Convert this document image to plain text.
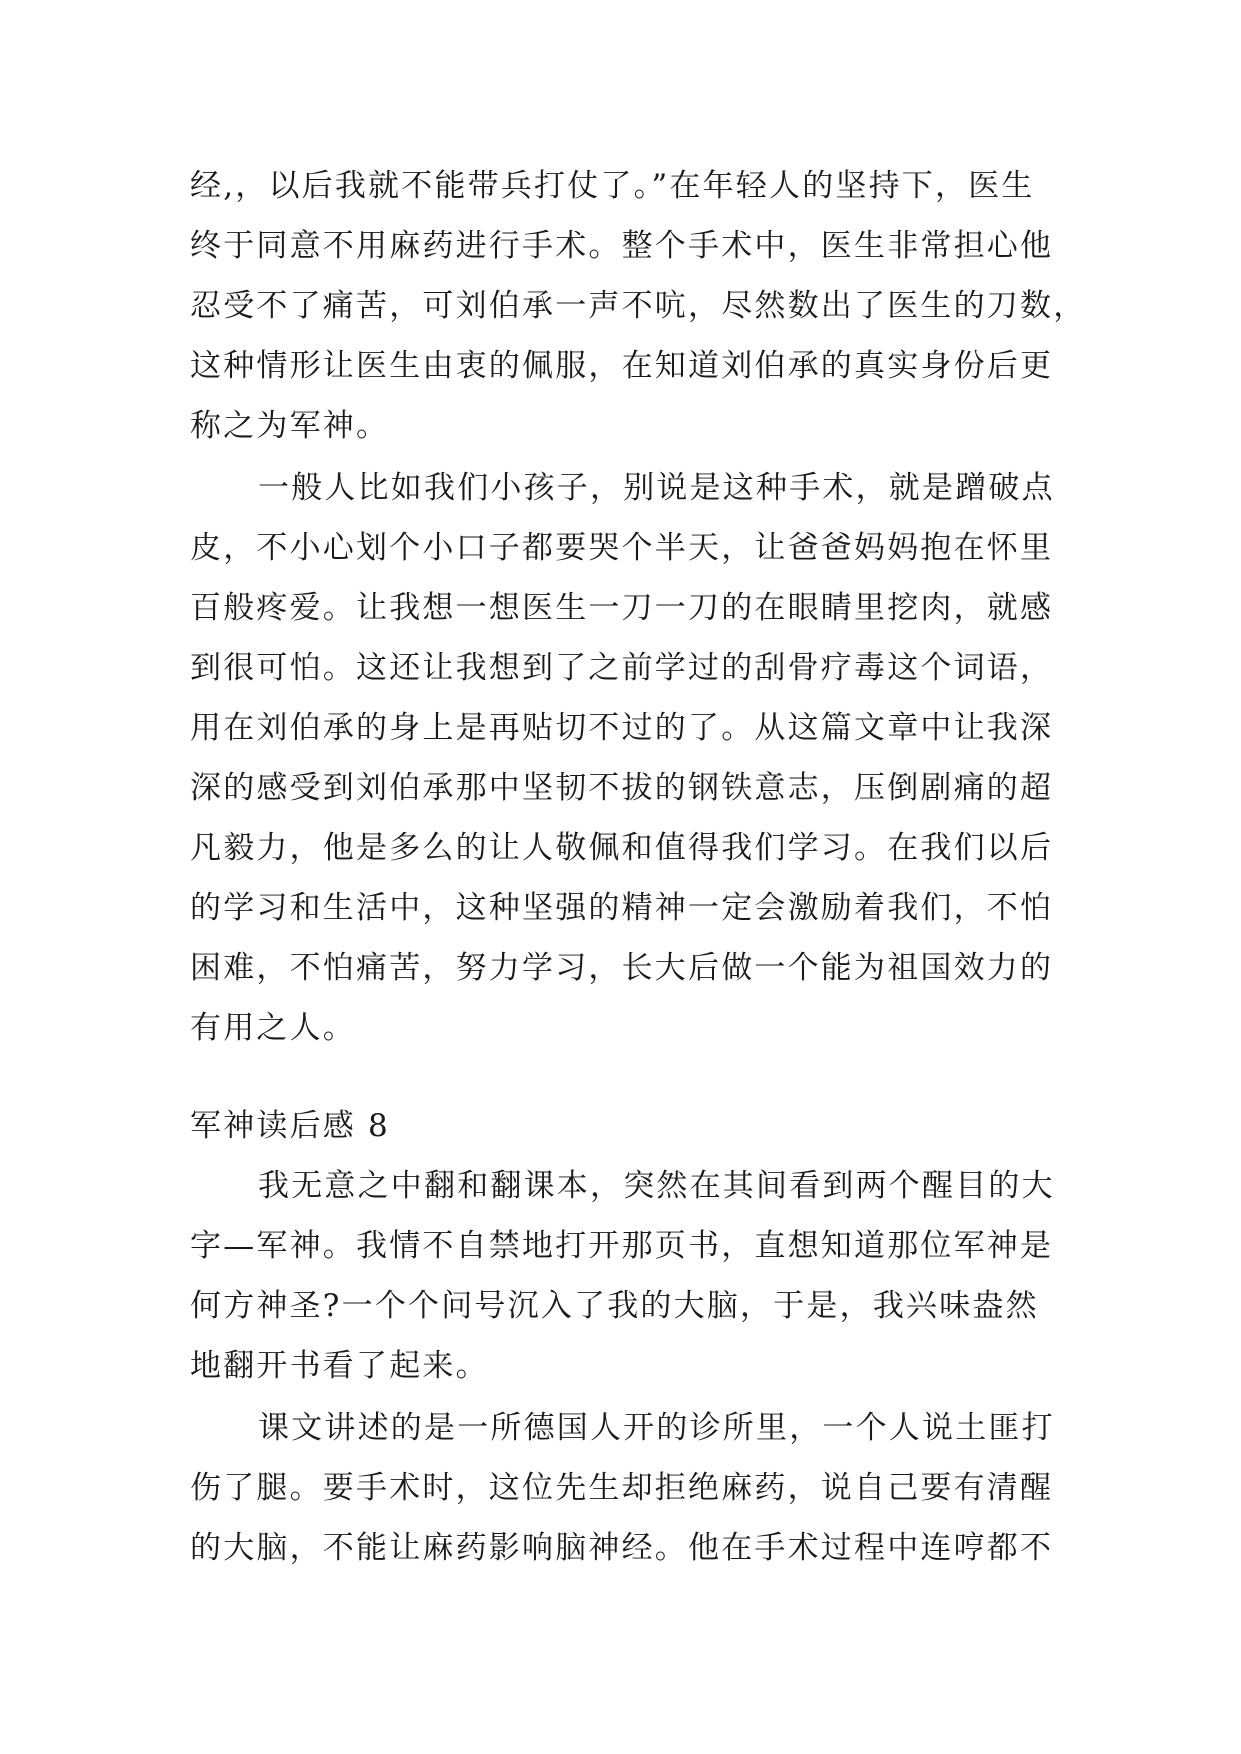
经,，以后我就不能带兵打仗了。”在年轻人的坚持下，医生
终于同意不用麻药进行手术。整个手术中，医生非常担心他
忍受不了痛苦，可刘伯承一声不吭，尽然数出了医生的刀数，
这种情形让医生由衷的佩服，在知道刘伯承的真实身份后更
称之为军神。
一般人比如我们小孩子，别说是这种手术，就是蹭破点
皮，不小心划个小口子都要哭个半天，让爸爸妈妈抱在怀里
百般疼爱。让我想一想医生一刀一刀的在眼睛里挖肉，就感
到很可怕。这还让我想到了之前学过的刮骨疗毒这个词语，
用在刘伯承的身上是再贴切不过的了。从这篇文章中让我深
深的感受到刘伯承那中坚韧不拔的钢铁意志，压倒剧痛的超
凡毅力，他是多么的让人敬佩和值得我们学习。在我们以后
的学习和生活中，这种坚强的精神一定会激励着我们，不怕
困难，不怕痛苦，努力学习，长大后做一个能为祖国效力的
有用之人。
军神读后感 8
我无意之中翻和翻课本，突然在其间看到两个醒目的大
字—军神。我情不自禁地打开那页书，直想知道那位军神是
何方神圣?一个个问号沉入了我的大脑，于是，我兴味盎然
地翻开书看了起来。
课文讲述的是一所德国人开的诊所里，一个人说土匪打
伤了腿。要手术时，这位先生却拒绝麻药，说自己要有清醒
的大脑，不能让麻药影响脑神经。他在手术过程中连哼都不
